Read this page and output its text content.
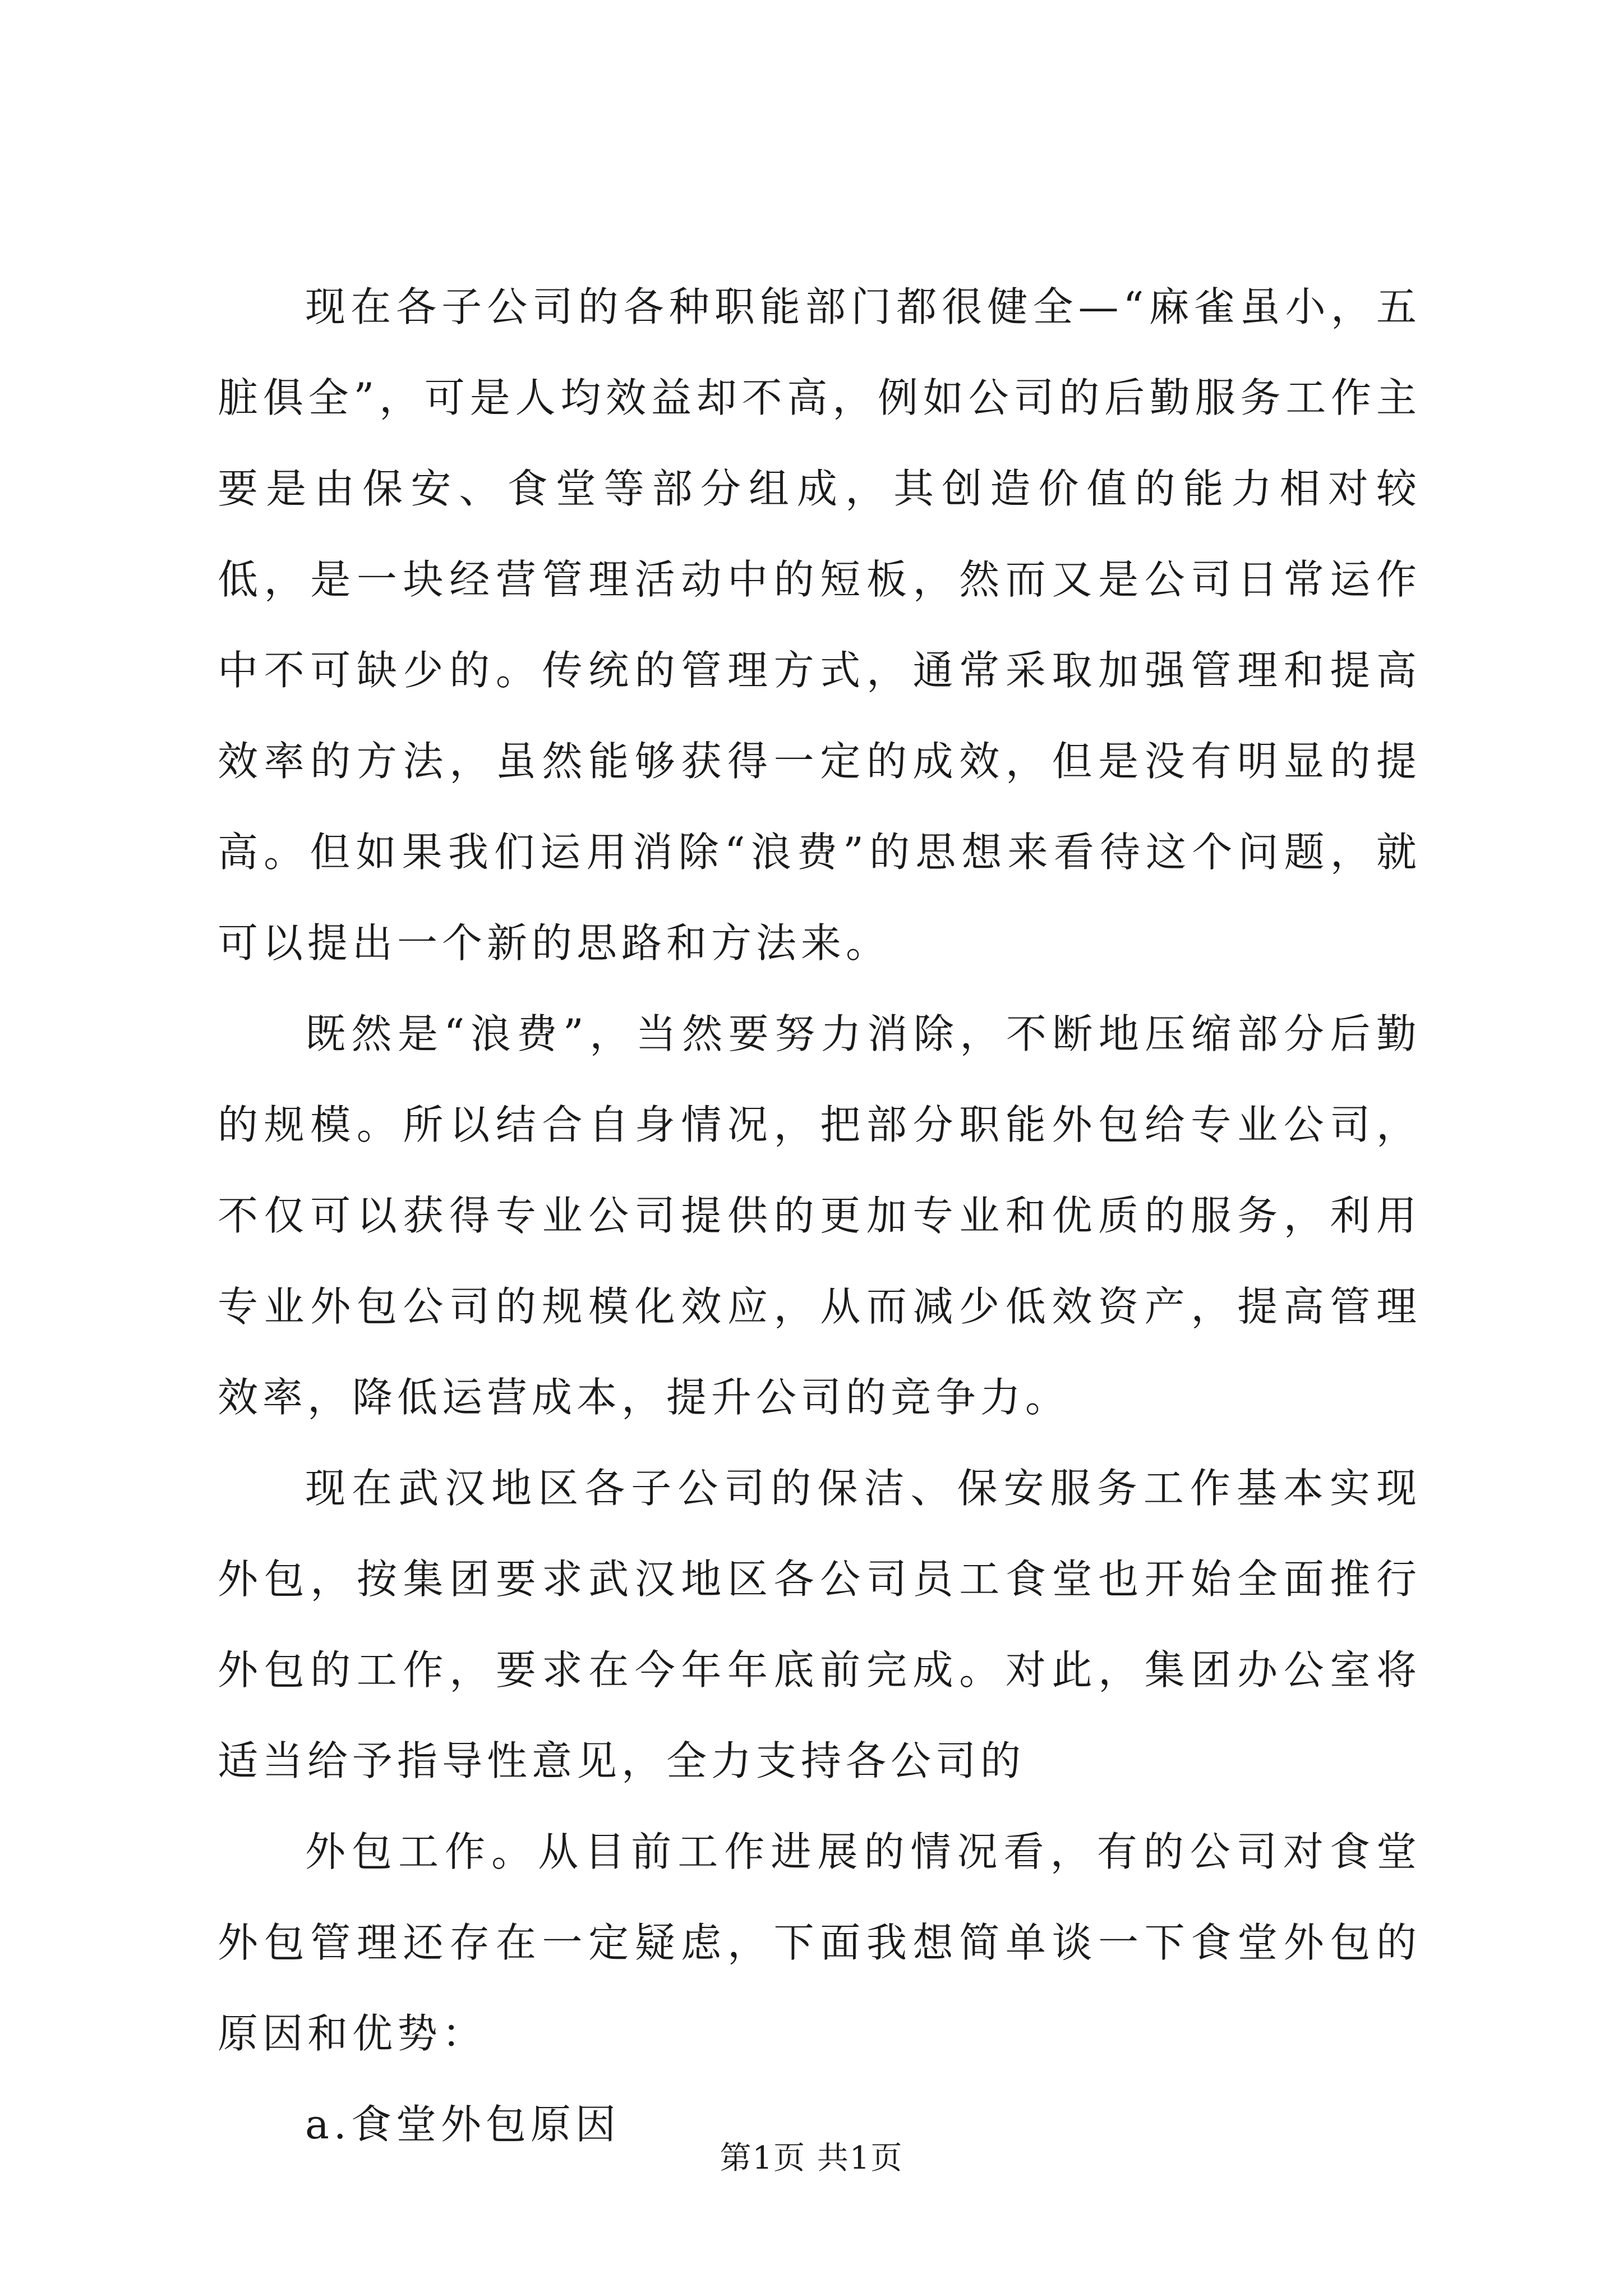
现在各子公司的各种职能部门都很健全—“麻雀虽小，五脏俱全”，可是人均效益却不高，例如公司的后勤服务工作主要是由保安、食堂等部分组成，其创造价值的能力相对较低，是一块经营管理活动中的短板，然而又是公司日常运作中不可缺少的。传统的管理方式，通常采取加强管理和提高效率的方法，虽然能够获得一定的成效，但是没有明显的提高。但如果我们运用消除“浪费”的思想来看待这个问题，就可以提出一个新的思路和方法来。

既然是“浪费”，当然要努力消除，不断地压缩部分后勤的规模。所以结合自身情况，把部分职能外包给专业公司，不仅可以获得专业公司提供的更加专业和优质的服务，利用专业外包公司的规模化效应，从而减少低效资产，提高管理效率，降低运营成本，提升公司的竞争力。

现在武汉地区各子公司的保洁、保安服务工作基本实现外包，按集团要求武汉地区各公司员工食堂也开始全面推行外包的工作，要求在今年年底前完成。对此，集团办公室将适当给予指导性意见，全力支持各公司的

外包工作。从目前工作进展的情况看，有的公司对食堂外包管理还存在一定疑虑，下面我想简单谈一下食堂外包的原因和优势：

a.食堂外包原因

第1页 共1页
